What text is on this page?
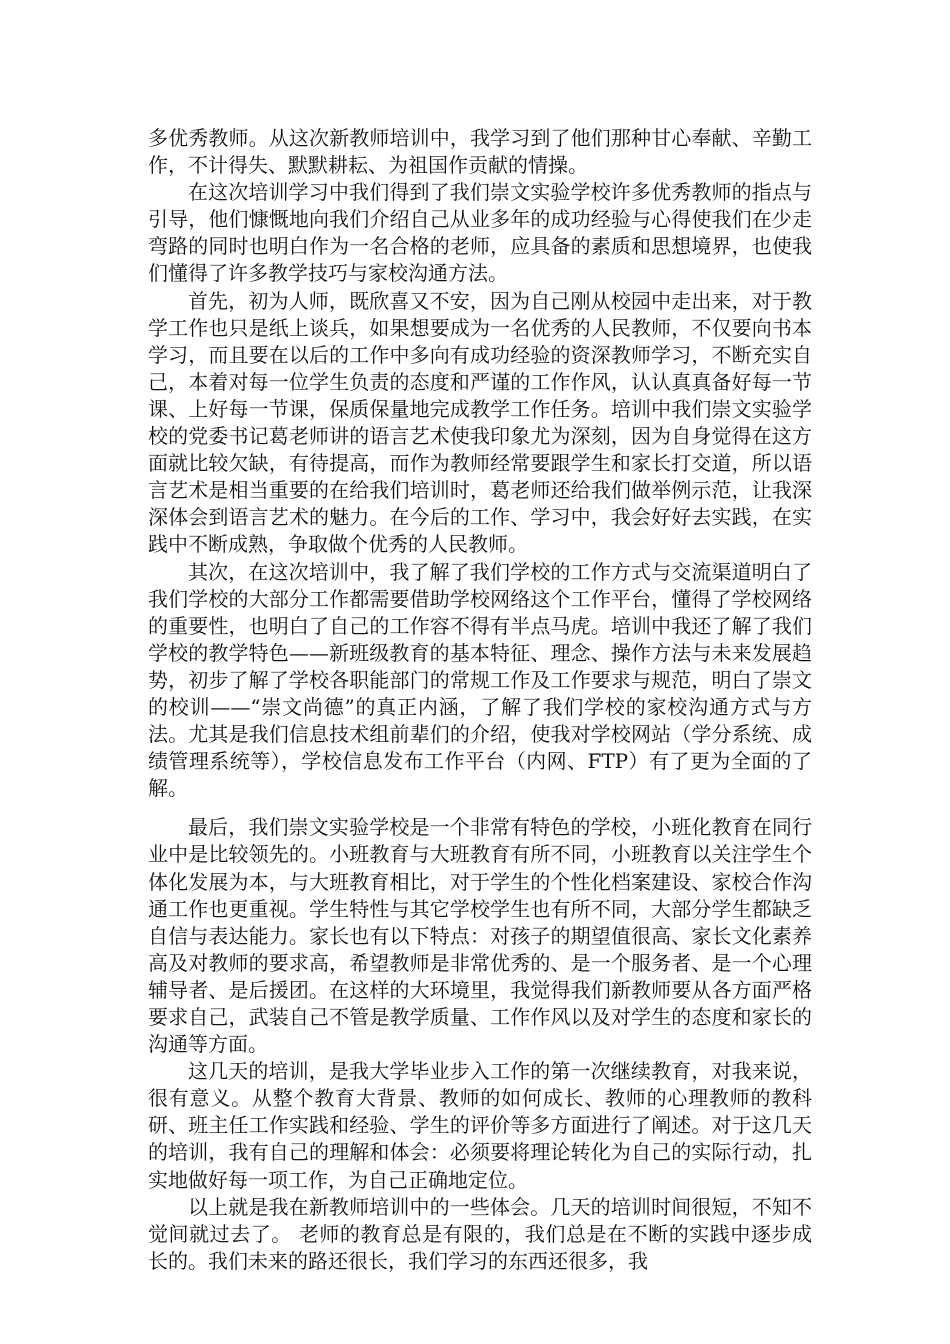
多优秀教师。从这次新教师培训中，我学习到了他们那种甘心奉献、辛勤工作，不计得失、默默耕耘、为祖国作贡献的情操。

在这次培训学习中我们得到了我们崇文实验学校许多优秀教师的指点与引导，他们慷慨地向我们介绍自己从业多年的成功经验与心得使我们在少走弯路的同时也明白作为一名合格的老师，应具备的素质和思想境界，也使我们懂得了许多教学技巧与家校沟通方法。

首先，初为人师，既欣喜又不安，因为自己刚从校园中走出来，对于教学工作也只是纸上谈兵，如果想要成为一名优秀的人民教师，不仅要向书本学习，而且要在以后的工作中多向有成功经验的资深教师学习，不断充实自己，本着对每一位学生负责的态度和严谨的工作作风，认认真真备好每一节课、上好每一节课，保质保量地完成教学工作任务。培训中我们崇文实验学校的党委书记葛老师讲的语言艺术使我印象尤为深刻，因为自身觉得在这方面就比较欠缺，有待提高，而作为教师经常要跟学生和家长打交道，所以语言艺术是相当重要的在给我们培训时，葛老师还给我们做举例示范，让我深深体会到语言艺术的魅力。在今后的工作、学习中，我会好好去实践，在实践中不断成熟，争取做个优秀的人民教师。

其次，在这次培训中，我了解了我们学校的工作方式与交流渠道明白了我们学校的大部分工作都需要借助学校网络这个工作平台，懂得了学校网络的重要性，也明白了自己的工作容不得有半点马虎。培训中我还了解了我们学校的教学特色——新班级教育的基本特征、理念、操作方法与未来发展趋势，初步了解了学校各职能部门的常规工作及工作要求与规范，明白了崇文的校训——“崇文尚德”的真正内涵，了解了我们学校的家校沟通方式与方法。尤其是我们信息技术组前辈们的介绍，使我对学校网站（学分系统、成绩管理系统等），学校信息发布工作平台（内网、FTP）有了更为全面的了解。

最后，我们崇文实验学校是一个非常有特色的学校，小班化教育在同行业中是比较领先的。小班教育与大班教育有所不同，小班教育以关注学生个体化发展为本，与大班教育相比，对于学生的个性化档案建设、家校合作沟通工作也更重视。学生特性与其它学校学生也有所不同，大部分学生都缺乏自信与表达能力。家长也有以下特点：对孩子的期望值很高、家长文化素养高及对教师的要求高，希望教师是非常优秀的、是一个服务者、是一个心理辅导者、是后援团。在这样的大环境里，我觉得我们新教师要从各方面严格要求自己，武装自己不管是教学质量、工作作风以及对学生的态度和家长的沟通等方面。

这几天的培训，是我大学毕业步入工作的第一次继续教育，对我来说，很有意义。从整个教育大背景、教师的如何成长、教师的心理教师的教科研、班主任工作实践和经验、学生的评价等多方面进行了阐述。对于这几天的培训，我有自己的理解和体会：必须要将理论转化为自己的实际行动，扎实地做好每一项工作，为自己正确地定位。

以上就是我在新教师培训中的一些体会。几天的培训时间很短，不知不觉间就过去了。 老师的教育总是有限的，我们总是在不断的实践中逐步成长的。我们未来的路还很长，我们学习的东西还很多，我
